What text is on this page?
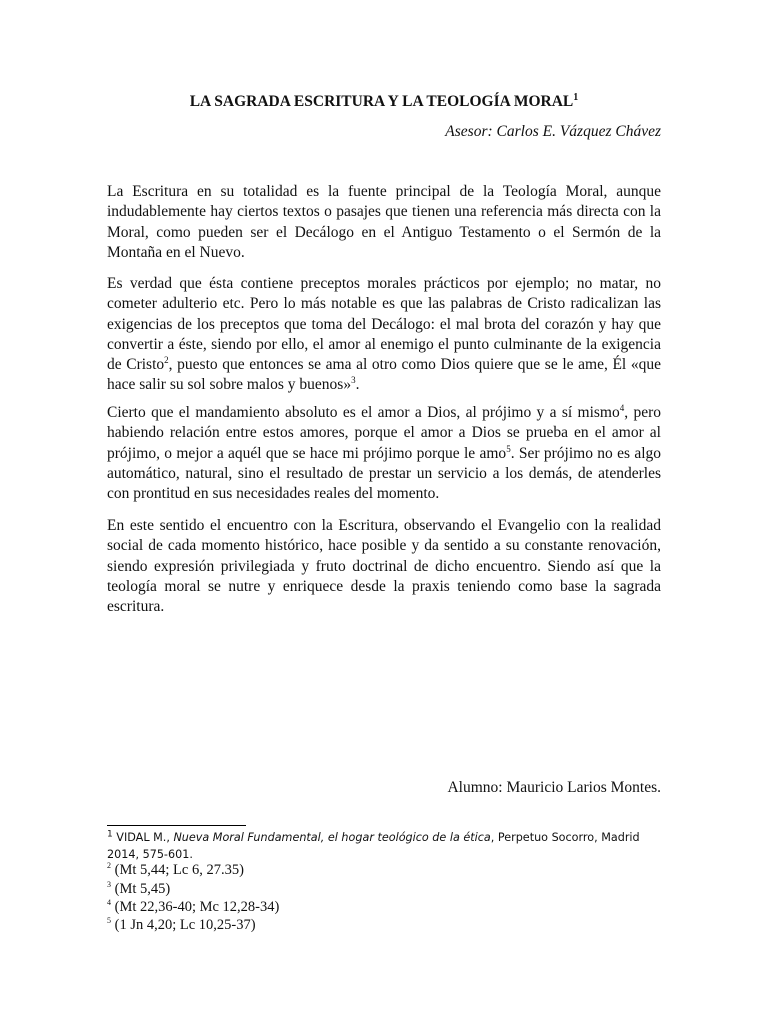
LA SAGRADA ESCRITURA Y LA TEOLOGÍA MORAL$^1$
Asesor: Carlos E. Vázquez Chávez

La Escritura en su totalidad es la fuente principal de la Teología Moral, aunque indudablemente hay ciertos textos o pasajes que tienen una referencia más directa con la Moral, como pueden ser el Decálogo en el Antiguo Testamento o el Sermón de la Montaña en el Nuevo.

Es verdad que ésta contiene preceptos morales prácticos por ejemplo; no matar, no cometer adulterio etc. Pero lo más notable es que las palabras de Cristo radicalizan las exigencias de los preceptos que toma del Decálogo: el mal brota del corazón y hay que convertir a éste, siendo por ello, el amor al enemigo el punto culminante de la exigencia de Cristo$^2$, puesto que entonces se ama al otro como Dios quiere que se le ame, Él «que hace salir su sol sobre malos y buenos»$^3$.

Cierto que el mandamiento absoluto es el amor a Dios, al prójimo y a sí mismo$^4$, pero habiendo relación entre estos amores, porque el amor a Dios se prueba en el amor al prójimo, o mejor a aquél que se hace mi prójimo porque le amo$^5$. Ser prójimo no es algo automático, natural, sino el resultado de prestar un servicio a los demás, de atenderles con prontitud en sus necesidades reales del momento.

En este sentido el encuentro con la Escritura, observando el Evangelio con la realidad social de cada momento histórico, hace posible y da sentido a su constante renovación, siendo expresión privilegiada y fruto doctrinal de dicho encuentro. Siendo así que la teología moral se nutre y enriquece desde la praxis teniendo como base la sagrada escritura.

Alumno: Mauricio Larios Montes.

$^1$ VIDAL M., Nueva Moral Fundamental, el hogar teológico de la ética, Perpetuo Socorro, Madrid 2014, 575-601.

$^2$ (Mt 5,44; Lc 6, 27.35)

$^3$ (Mt 5,45)

$^4$ (Mt 22,36-40; Mc 12,28-34)

$^5$ (1 Jn 4,20; Lc 10,25-37)
